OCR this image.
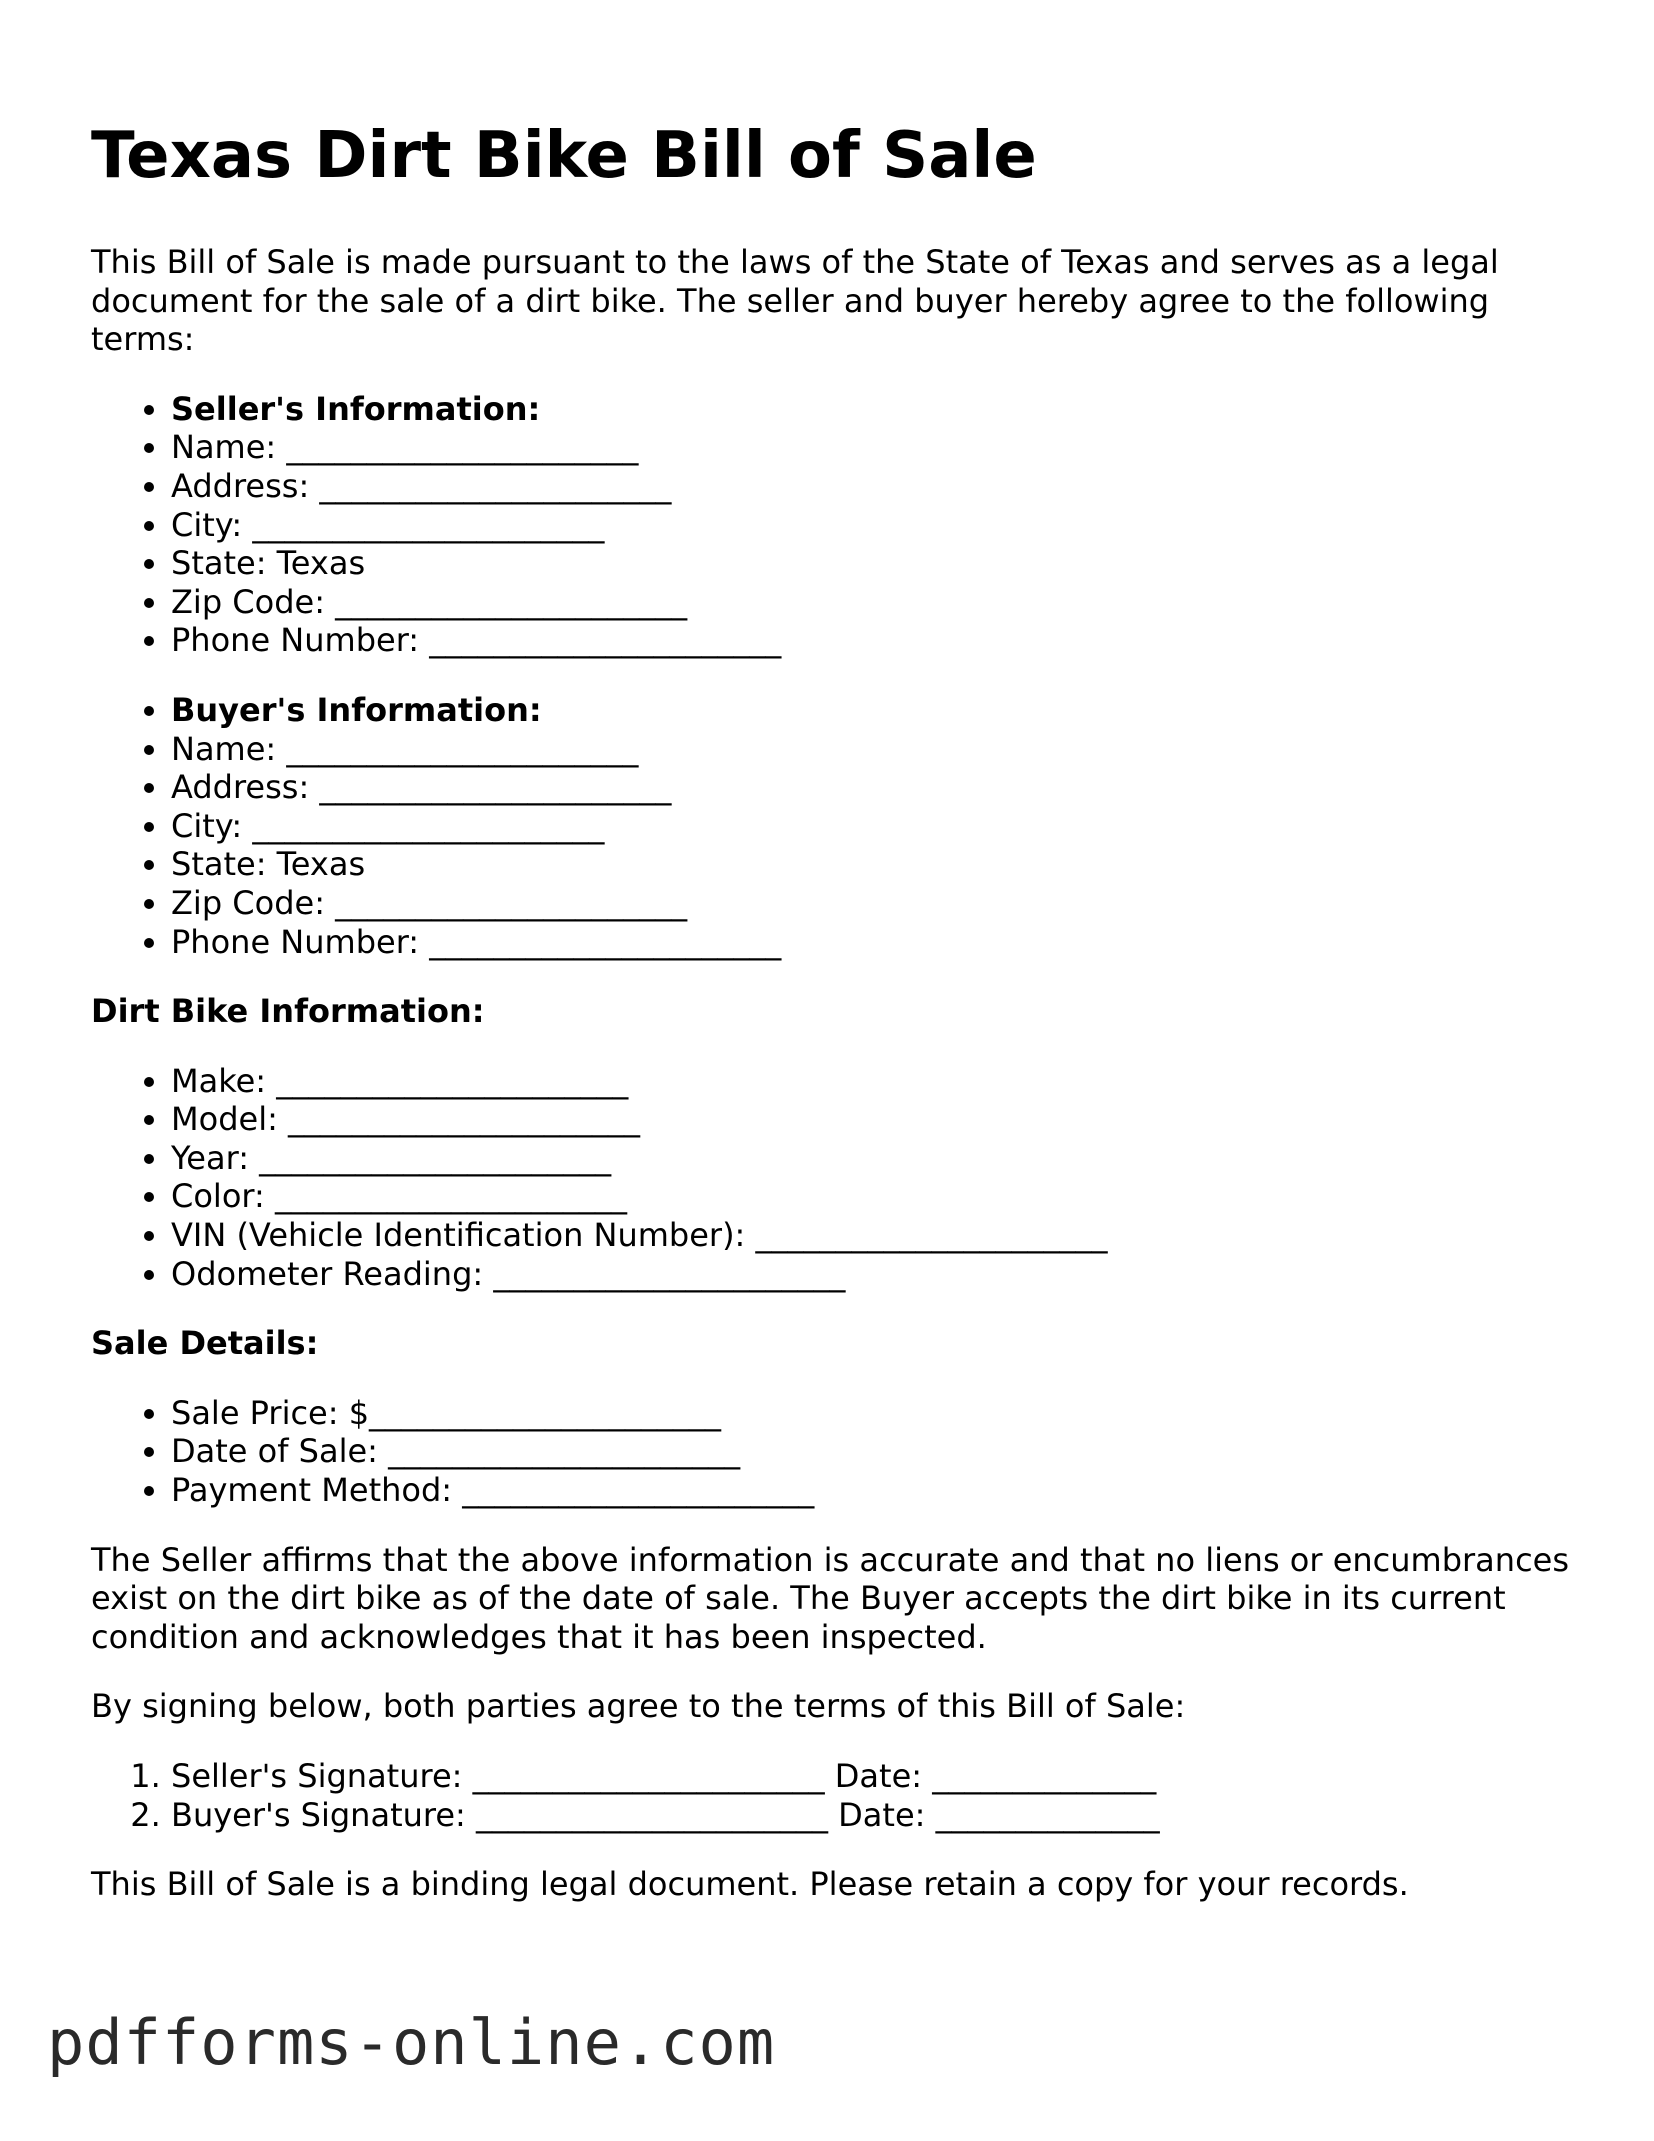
Texas Dirt Bike Bill of Sale

This Bill of Sale is made pursuant to the laws of the State of Texas and serves as a legal document for the sale of a dirt bike. The seller and buyer hereby agree to the following terms:

• Seller's Information:
• Name: ______________________
• Address: ______________________
• City: ______________________
• State: Texas
• Zip Code: ______________________
• Phone Number: ______________________
• Buyer's Information:
• Name: ______________________
• Address: ______________________
• City: ______________________
• State: Texas
• Zip Code: ______________________
• Phone Number: ______________________

Dirt Bike Information:

• Make: ______________________
• Model: ______________________
• Year: ______________________
• Color: ______________________
• VIN (Vehicle Identification Number): ______________________
• Odometer Reading: ______________________

Sale Details:

• Sale Price: $______________________
• Date of Sale: ______________________
• Payment Method: ______________________

The Seller affirms that the above information is accurate and that no liens or encumbrances exist on the dirt bike as of the date of sale. The Buyer accepts the dirt bike in its current condition and acknowledges that it has been inspected.

By signing below, both parties agree to the terms of this Bill of Sale:

1. Seller's Signature: ______________________ Date: ______________
2. Buyer's Signature: ______________________ Date: ______________

This Bill of Sale is a binding legal document. Please retain a copy for your records.

pdfforms-online.com
